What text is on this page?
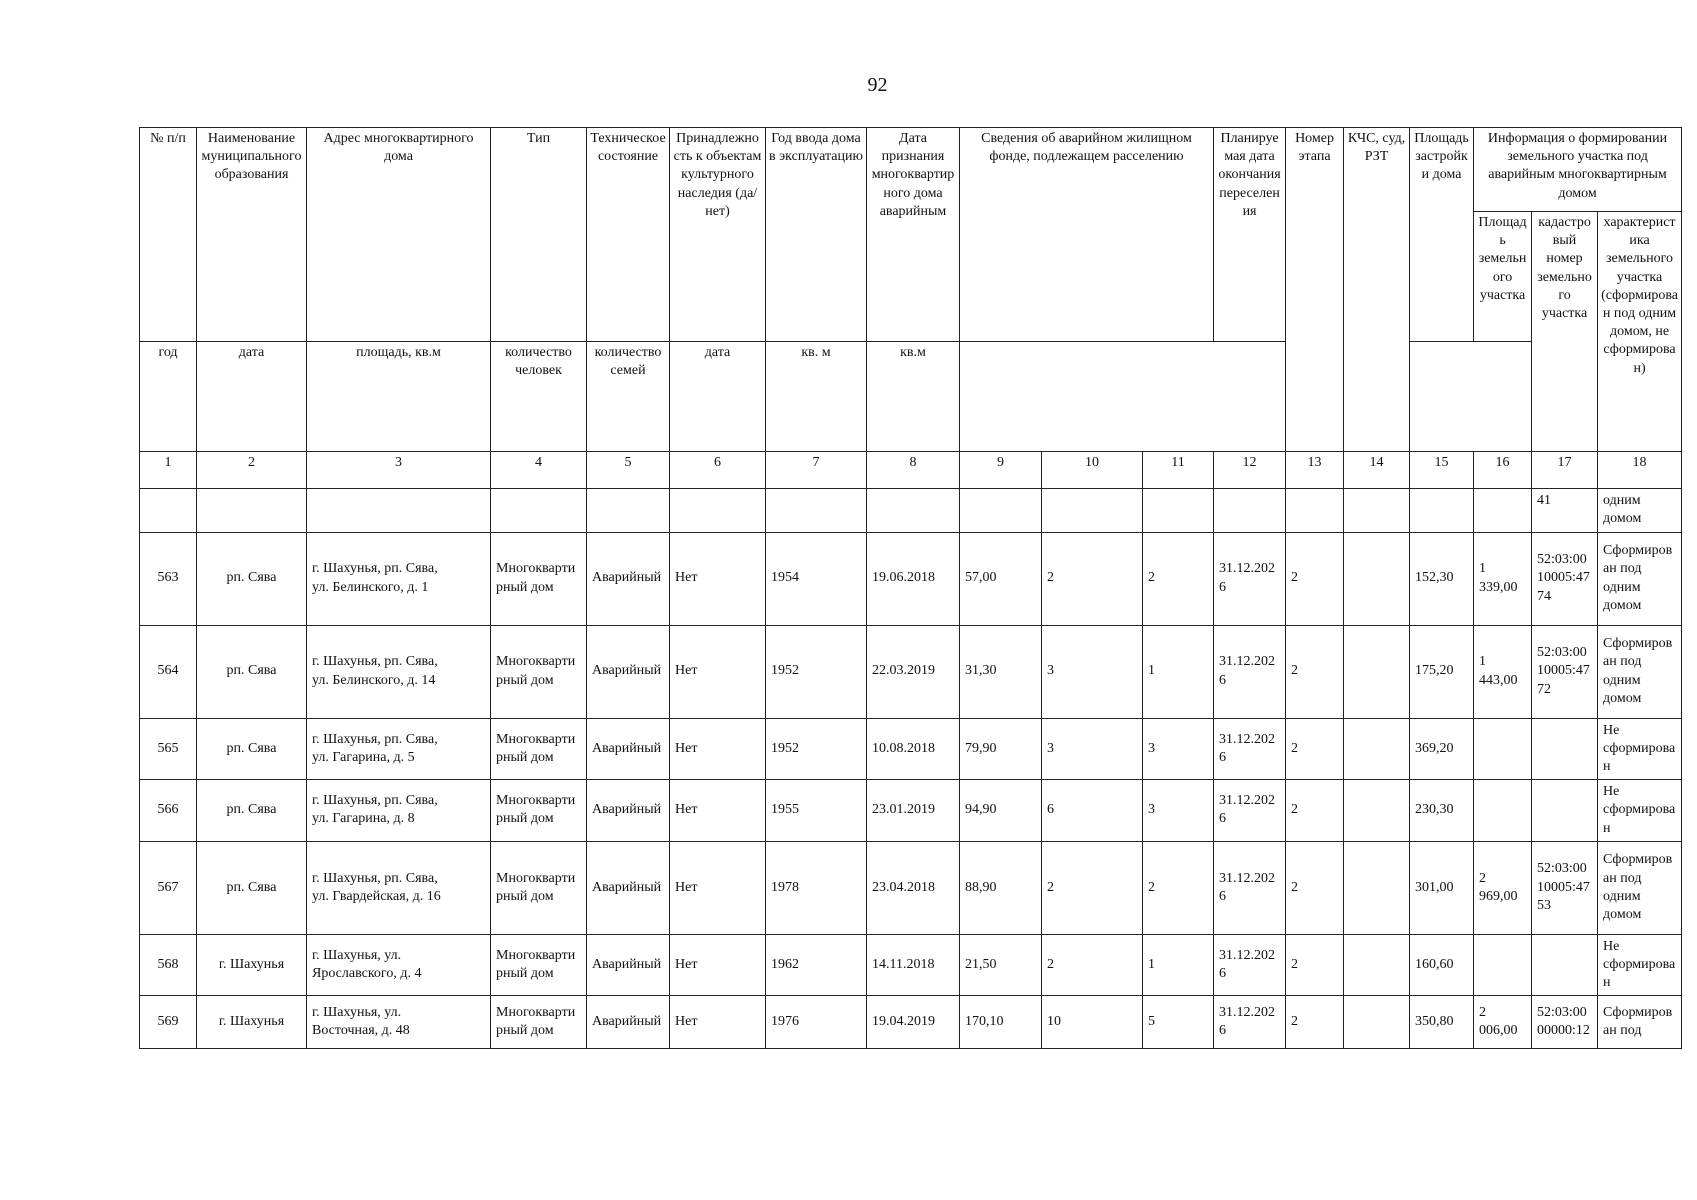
92
№ п/п	Наименование муниципального образования	Адрес многоквартирного дома	Тип	Техническое состояние	Принадлежность к объектам культурного наследия (да/нет)	Год ввода дома в эксплуатацию	Дата признания многоквартирного дома аварийным	Сведения об аварийном жилищном фонде, подлежащем расселению			Планируемая дата окончания переселения	Номер этапа	КЧС, суд, РЗТ	Площадь застройки дома	Информация о формировании земельного участка под аварийным многоквартирным домом		
															Площадь земельного участка	кадастровый номер земельного участка	характеристика земельного участка (сформирован под одним домом, не сформирован)
год	дата	площадь, кв.м	количество человек	количество семей	дата	кв. м	кв.м										
1	2	3	4	5	6	7	8	9	10	11	12	13	14	15	16	17	18
																41	одним домом
563	рп. Сява	г. Шахунья, рп. Сява,
ул. Белинского, д. 1	Многоквартирный дом	Аварийный	Нет	1954	19.06.2018	57,00	2	2	31.12.2026	2		152,30	1 339,00	52:03:0010005:4774	Сформирован под одним домом
564	рп. Сява	г. Шахунья, рп. Сява,
ул. Белинского, д. 14	Многоквартирный дом	Аварийный	Нет	1952	22.03.2019	31,30	3	1	31.12.2026	2		175,20	1 443,00	52:03:0010005:4772	Сформирован под одним домом
565	рп. Сява	г. Шахунья, рп. Сява,
ул. Гагарина, д. 5	Многоквартирный дом	Аварийный	Нет	1952	10.08.2018	79,90	3	3	31.12.2026	2		369,20			Не сформирован
566	рп. Сява	г. Шахунья, рп. Сява,
ул. Гагарина, д. 8	Многоквартирный дом	Аварийный	Нет	1955	23.01.2019	94,90	6	3	31.12.2026	2		230,30			Не сформирован
567	рп. Сява	г. Шахунья, рп. Сява,
ул. Гвардейская, д. 16	Многоквартирный дом	Аварийный	Нет	1978	23.04.2018	88,90	2	2	31.12.2026	2		301,00	2 969,00	52:03:0010005:4753	Сформирован под одним домом
568	г. Шахунья	г. Шахунья, ул.
Ярославского, д. 4	Многоквартирный дом	Аварийный	Нет	1962	14.11.2018	21,50	2	1	31.12.2026	2		160,60			Не сформирован
569	г. Шахунья	г. Шахунья, ул.
Восточная, д. 48	Многоквартирный дом	Аварийный	Нет	1976	19.04.2019	170,10	10	5	31.12.2026	2		350,80	2 006,00	52:03:0000000:12	Сформирован под
